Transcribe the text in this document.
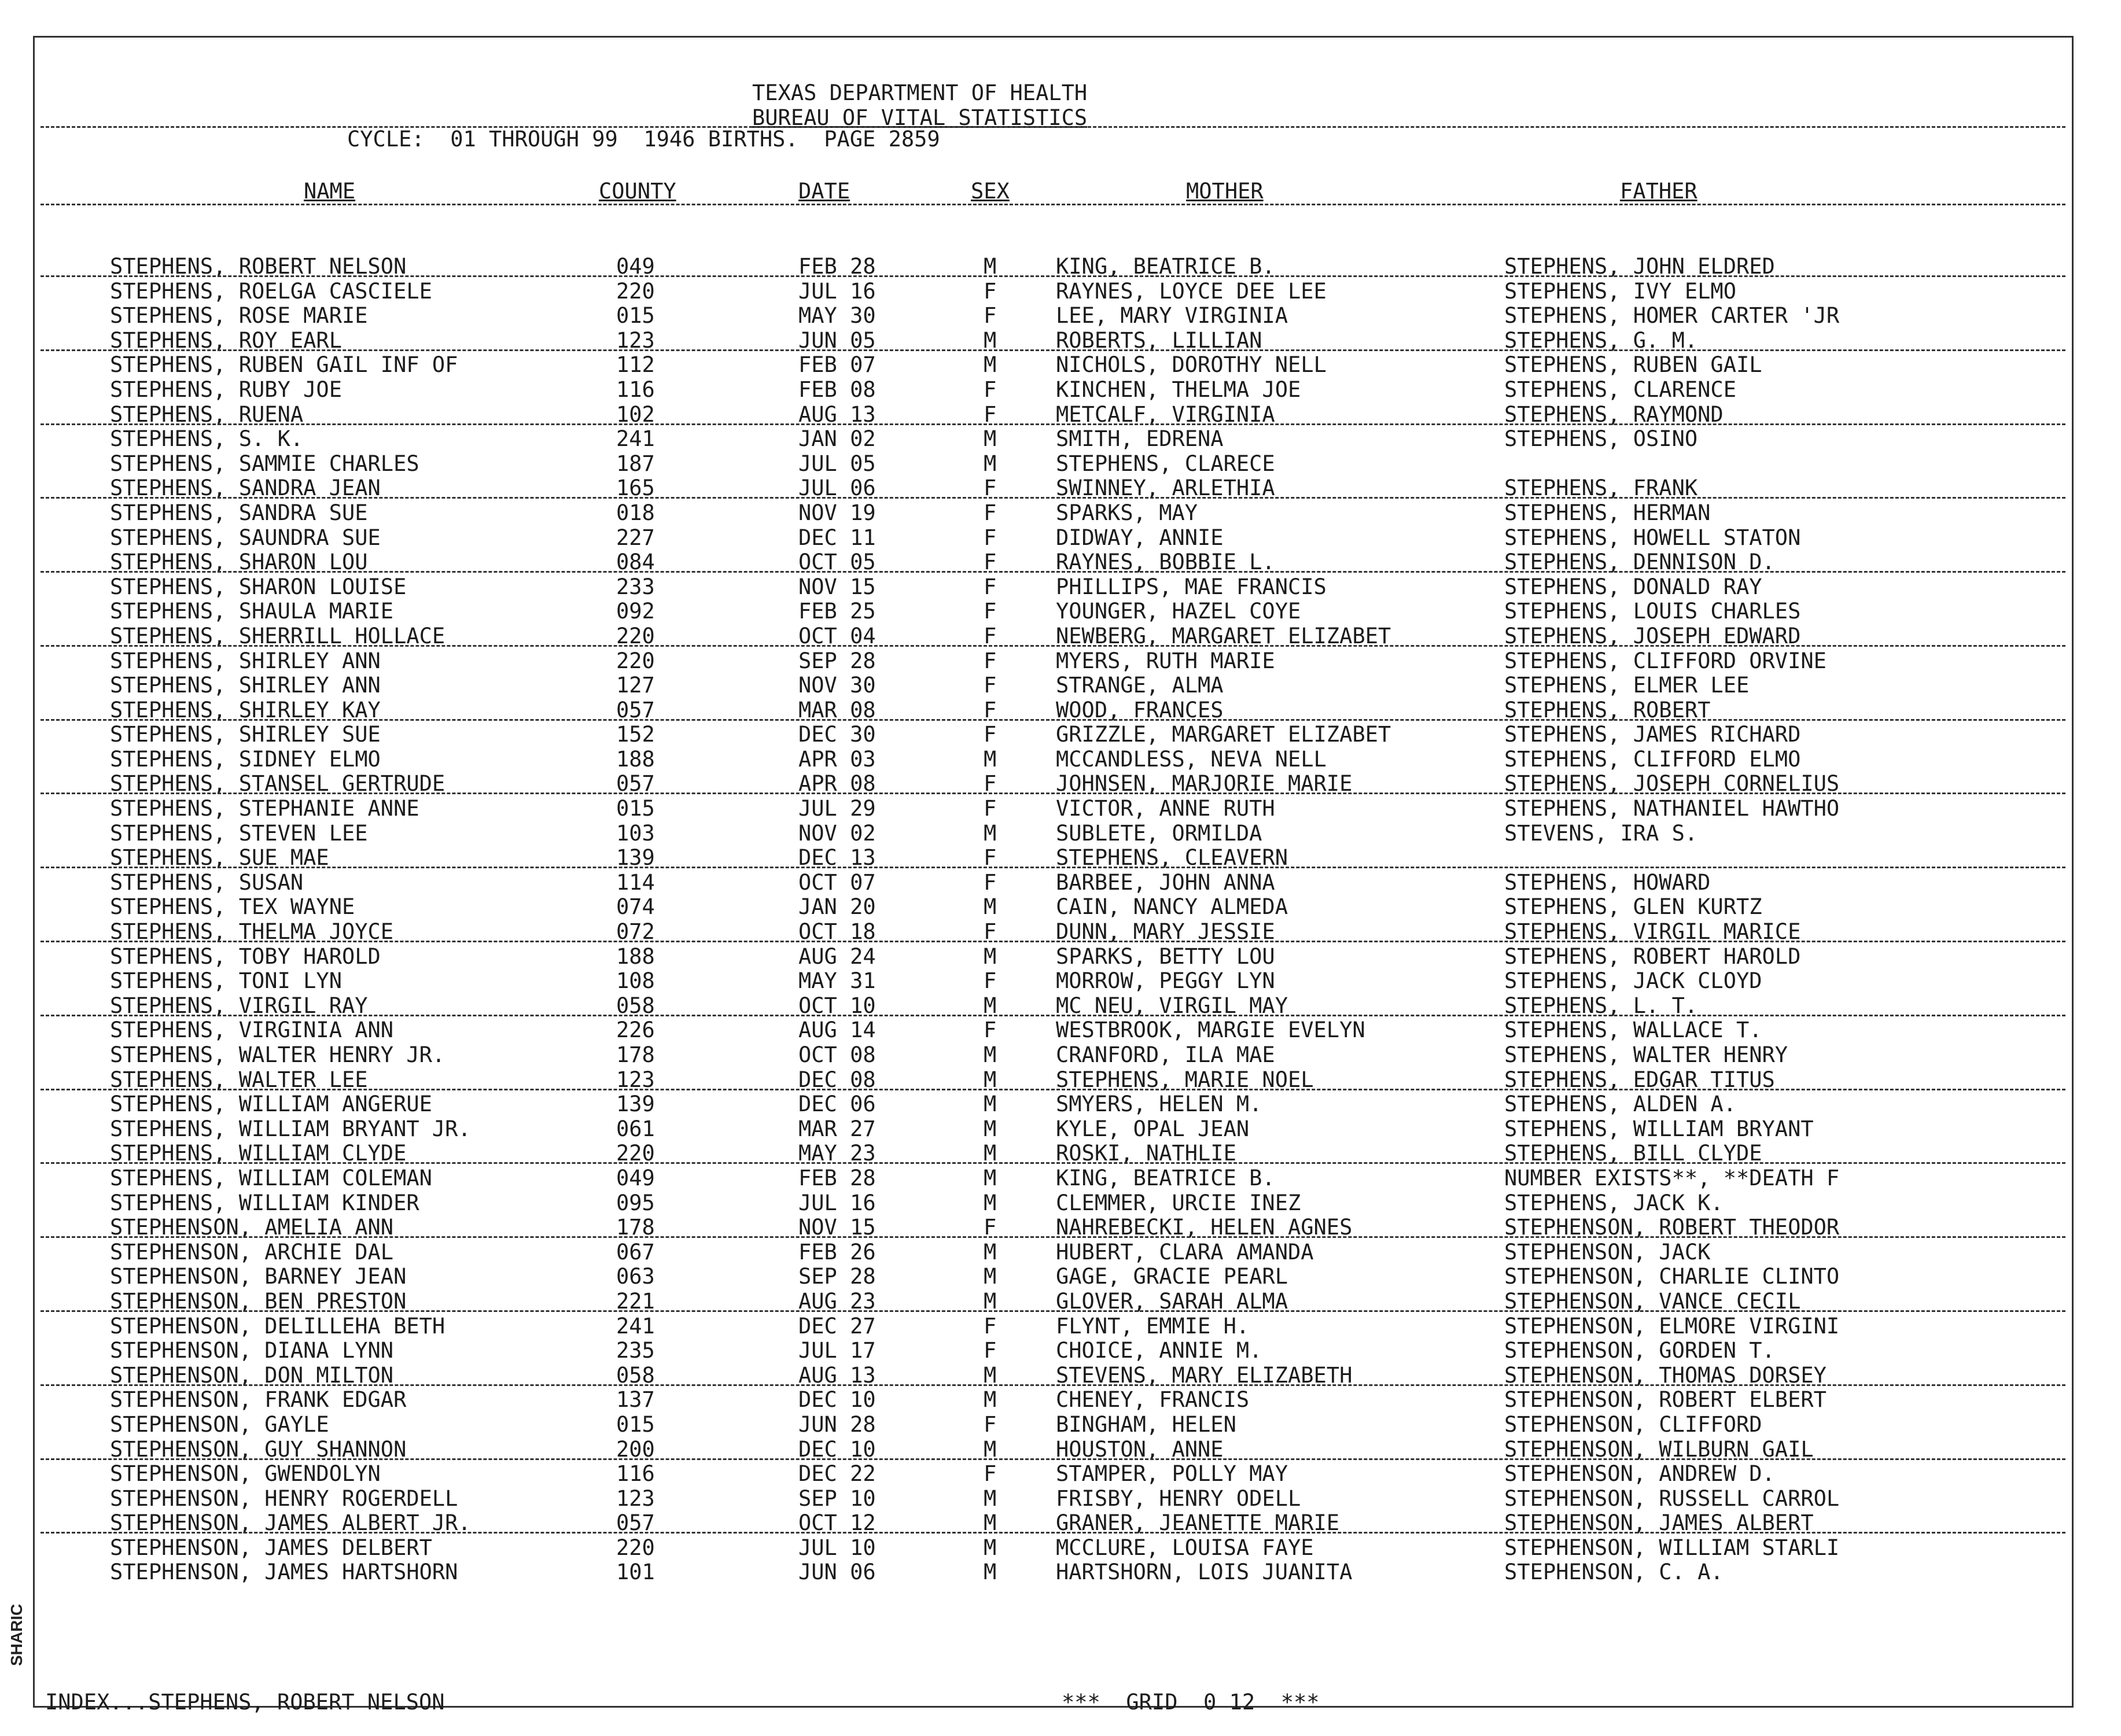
SHARIC
TEXAS DEPARTMENT OF HEALTH
BUREAU OF VITAL STATISTICS
CYCLE:  01 THROUGH 99  1946 BIRTHS.  PAGE 2859
NAME	COUNTY	DATE	SEX	MOTHER	FATHER
STEPHENS, ROBERT NELSON	049	FEB 28	M	KING, BEATRICE B.	STEPHENS, JOHN ELDRED
STEPHENS, ROELGA CASCIELE	220	JUL 16	F	RAYNES, LOYCE DEE LEE	STEPHENS, IVY ELMO
STEPHENS, ROSE MARIE	015	MAY 30	F	LEE, MARY VIRGINIA	STEPHENS, HOMER CARTER 'JR
STEPHENS, ROY EARL	123	JUN 05	M	ROBERTS, LILLIAN	STEPHENS, G. M.
STEPHENS, RUBEN GAIL INF OF	112	FEB 07	M	NICHOLS, DOROTHY NELL	STEPHENS, RUBEN GAIL
STEPHENS, RUBY JOE	116	FEB 08	F	KINCHEN, THELMA JOE	STEPHENS, CLARENCE
STEPHENS, RUENA	102	AUG 13	F	METCALF, VIRGINIA	STEPHENS, RAYMOND
STEPHENS, S. K.	241	JAN 02	M	SMITH, EDRENA	STEPHENS, OSINO
STEPHENS, SAMMIE CHARLES	187	JUL 05	M	STEPHENS, CLARECE
STEPHENS, SANDRA JEAN	165	JUL 06	F	SWINNEY, ARLETHIA	STEPHENS, FRANK
STEPHENS, SANDRA SUE	018	NOV 19	F	SPARKS, MAY	STEPHENS, HERMAN
STEPHENS, SAUNDRA SUE	227	DEC 11	F	DIDWAY, ANNIE	STEPHENS, HOWELL STATON
STEPHENS, SHARON LOU	084	OCT 05	F	RAYNES, BOBBIE L.	STEPHENS, DENNISON D.
STEPHENS, SHARON LOUISE	233	NOV 15	F	PHILLIPS, MAE FRANCIS	STEPHENS, DONALD RAY
STEPHENS, SHAULA MARIE	092	FEB 25	F	YOUNGER, HAZEL COYE	STEPHENS, LOUIS CHARLES
STEPHENS, SHERRILL HOLLACE	220	OCT 04	F	NEWBERG, MARGARET ELIZABET	STEPHENS, JOSEPH EDWARD
STEPHENS, SHIRLEY ANN	220	SEP 28	F	MYERS, RUTH MARIE	STEPHENS, CLIFFORD ORVINE
STEPHENS, SHIRLEY ANN	127	NOV 30	F	STRANGE, ALMA	STEPHENS, ELMER LEE
STEPHENS, SHIRLEY KAY	057	MAR 08	F	WOOD, FRANCES	STEPHENS, ROBERT
STEPHENS, SHIRLEY SUE	152	DEC 30	F	GRIZZLE, MARGARET ELIZABET	STEPHENS, JAMES RICHARD
STEPHENS, SIDNEY ELMO	188	APR 03	M	MCCANDLESS, NEVA NELL	STEPHENS, CLIFFORD ELMO
STEPHENS, STANSEL GERTRUDE	057	APR 08	F	JOHNSEN, MARJORIE MARIE	STEPHENS, JOSEPH CORNELIUS
STEPHENS, STEPHANIE ANNE	015	JUL 29	F	VICTOR, ANNE RUTH	STEPHENS, NATHANIEL HAWTHO
STEPHENS, STEVEN LEE	103	NOV 02	M	SUBLETE, ORMILDA	STEVENS, IRA S.
STEPHENS, SUE MAE	139	DEC 13	F	STEPHENS, CLEAVERN
STEPHENS, SUSAN	114	OCT 07	F	BARBEE, JOHN ANNA	STEPHENS, HOWARD
STEPHENS, TEX WAYNE	074	JAN 20	M	CAIN, NANCY ALMEDA	STEPHENS, GLEN KURTZ
STEPHENS, THELMA JOYCE	072	OCT 18	F	DUNN, MARY JESSIE	STEPHENS, VIRGIL MARICE
STEPHENS, TOBY HAROLD	188	AUG 24	M	SPARKS, BETTY LOU	STEPHENS, ROBERT HAROLD
STEPHENS, TONI LYN	108	MAY 31	F	MORROW, PEGGY LYN	STEPHENS, JACK CLOYD
STEPHENS, VIRGIL RAY	058	OCT 10	M	MC NEU, VIRGIL MAY	STEPHENS, L. T.
STEPHENS, VIRGINIA ANN	226	AUG 14	F	WESTBROOK, MARGIE EVELYN	STEPHENS, WALLACE T.
STEPHENS, WALTER HENRY JR.	178	OCT 08	M	CRANFORD, ILA MAE	STEPHENS, WALTER HENRY
STEPHENS, WALTER LEE	123	DEC 08	M	STEPHENS, MARIE NOEL	STEPHENS, EDGAR TITUS
STEPHENS, WILLIAM ANGERUE	139	DEC 06	M	SMYERS, HELEN M.	STEPHENS, ALDEN A.
STEPHENS, WILLIAM BRYANT JR.	061	MAR 27	M	KYLE, OPAL JEAN	STEPHENS, WILLIAM BRYANT
STEPHENS, WILLIAM CLYDE	220	MAY 23	M	ROSKI, NATHLIE	STEPHENS, BILL CLYDE
STEPHENS, WILLIAM COLEMAN	049	FEB 28	M	KING, BEATRICE B.	NUMBER EXISTS**, **DEATH F
STEPHENS, WILLIAM KINDER	095	JUL 16	M	CLEMMER, URCIE INEZ	STEPHENS, JACK K.
STEPHENSON, AMELIA ANN	178	NOV 15	F	NAHREBECKI, HELEN AGNES	STEPHENSON, ROBERT THEODOR
STEPHENSON, ARCHIE DAL	067	FEB 26	M	HUBERT, CLARA AMANDA	STEPHENSON, JACK
STEPHENSON, BARNEY JEAN	063	SEP 28	M	GAGE, GRACIE PEARL	STEPHENSON, CHARLIE CLINTO
STEPHENSON, BEN PRESTON	221	AUG 23	M	GLOVER, SARAH ALMA	STEPHENSON, VANCE CECIL
STEPHENSON, DELILLEHA BETH	241	DEC 27	F	FLYNT, EMMIE H.	STEPHENSON, ELMORE VIRGINI
STEPHENSON, DIANA LYNN	235	JUL 17	F	CHOICE, ANNIE M.	STEPHENSON, GORDEN T.
STEPHENSON, DON MILTON	058	AUG 13	M	STEVENS, MARY ELIZABETH	STEPHENSON, THOMAS DORSEY
STEPHENSON, FRANK EDGAR	137	DEC 10	M	CHENEY, FRANCIS	STEPHENSON, ROBERT ELBERT
STEPHENSON, GAYLE	015	JUN 28	F	BINGHAM, HELEN	STEPHENSON, CLIFFORD
STEPHENSON, GUY SHANNON	200	DEC 10	M	HOUSTON, ANNE	STEPHENSON, WILBURN GAIL
STEPHENSON, GWENDOLYN	116	DEC 22	F	STAMPER, POLLY MAY	STEPHENSON, ANDREW D.
STEPHENSON, HENRY ROGERDELL	123	SEP 10	M	FRISBY, HENRY ODELL	STEPHENSON, RUSSELL CARROL
STEPHENSON, JAMES ALBERT JR.	057	OCT 12	M	GRANER, JEANETTE MARIE	STEPHENSON, JAMES ALBERT
STEPHENSON, JAMES DELBERT	220	JUL 10	M	MCCLURE, LOUISA FAYE	STEPHENSON, WILLIAM STARLI
STEPHENSON, JAMES HARTSHORN	101	JUN 06	M	HARTSHORN, LOIS JUANITA	STEPHENSON, C. A.
INDEX...STEPHENS, ROBERT NELSON	***  GRID  0 12  ***
